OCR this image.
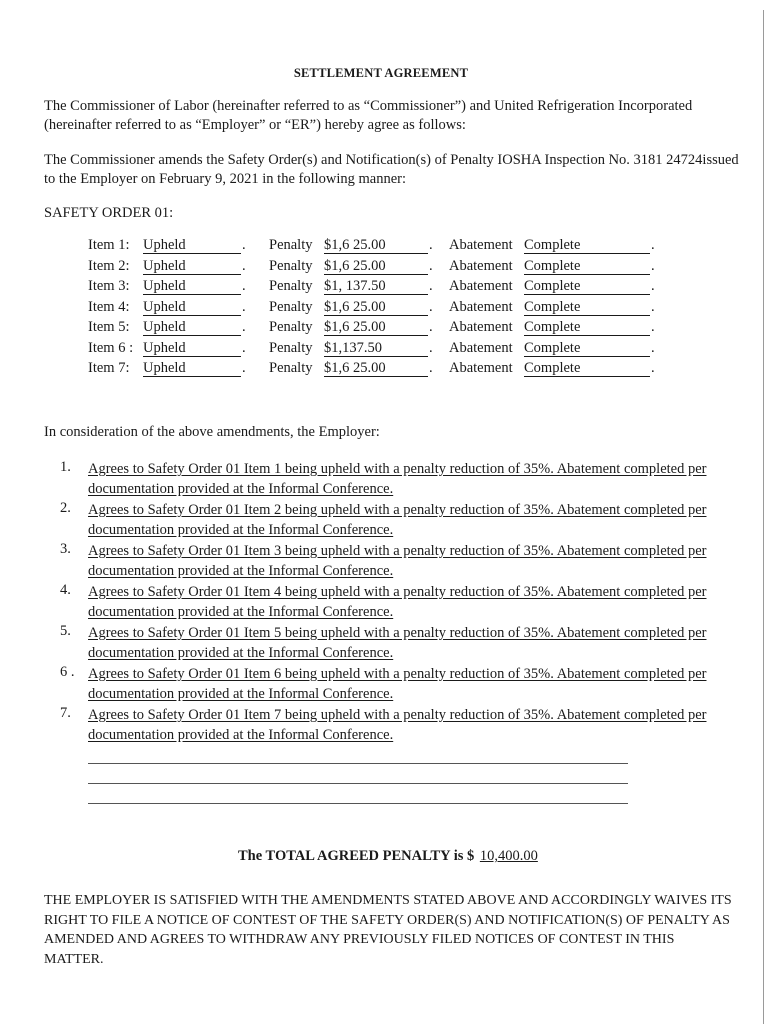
SETTLEMENT AGREEMENT
The Commissioner of Labor (hereinafter referred to as “Commissioner”) and United Refrigeration Incorporated (hereinafter referred to as “Employer” or “ER”) hereby agree as follows:
The Commissioner amends the Safety Order(s) and Notification(s) of Penalty IOSHA Inspection No. 3181 24724issued to the Employer on February 9, 2021 in the following manner:
SAFETY ORDER 01:
Item 1: Upheld	. Penalty $1,6 25.00	. Abatement Complete	.
Item 2: Upheld	. Penalty $1,6 25.00	. Abatement Complete	.
Item 3: Upheld	. Penalty $1, 137.50	. Abatement Complete	.
Item 4: Upheld	. Penalty $1,6 25.00	. Abatement Complete	.
Item 5: Upheld	. Penalty $1,6 25.00	. Abatement Complete	.
Item 6 : Upheld	. Penalty $1,137.50	. Abatement Complete	.
Item 7: Upheld	. Penalty $1,6 25.00	. Abatement Complete	.
In consideration of the above amendments, the Employer:
1.	Agrees to Safety Order 01 Item 1 being upheld with a penalty reduction of 35%. Abatement completed per documentation provided at the Informal Conference.
2.	Agrees to Safety Order 01 Item 2 being upheld with a penalty reduction of 35%. Abatement completed per documentation provided at the Informal Conference.
3.	Agrees to Safety Order 01 Item 3 being upheld with a penalty reduction of 35%. Abatement completed per documentation provided at the Informal Conference.
4.	Agrees to Safety Order 01 Item 4 being upheld with a penalty reduction of 35%. Abatement completed per documentation provided at the Informal Conference.
5.	Agrees to Safety Order 01 Item 5 being upheld with a penalty reduction of 35%. Abatement completed per documentation provided at the Informal Conference.
6 . Agrees to Safety Order 01 Item 6 being upheld with a penalty reduction of 35%. Abatement completed per documentation provided at the Informal Conference.
7.	Agrees to Safety Order 01 Item 7 being upheld with a penalty reduction of 35%. Abatement completed per documentation provided at the Informal Conference.
The TOTAL AGREED PENALTY is $ 10,400.00
THE EMPLOYER IS SATISFIED WITH THE AMENDMENTS STATED ABOVE AND ACCORDINGLY WAIVES ITS RIGHT TO FILE A NOTICE OF CONTEST OF THE SAFETY ORDER(S) AND NOTIFICATION(S) OF PENALTY AS AMENDED AND AGREES TO WITHDRAW ANY PREVIOUSLY FILED NOTICES OF CONTEST IN THIS MATTER.
